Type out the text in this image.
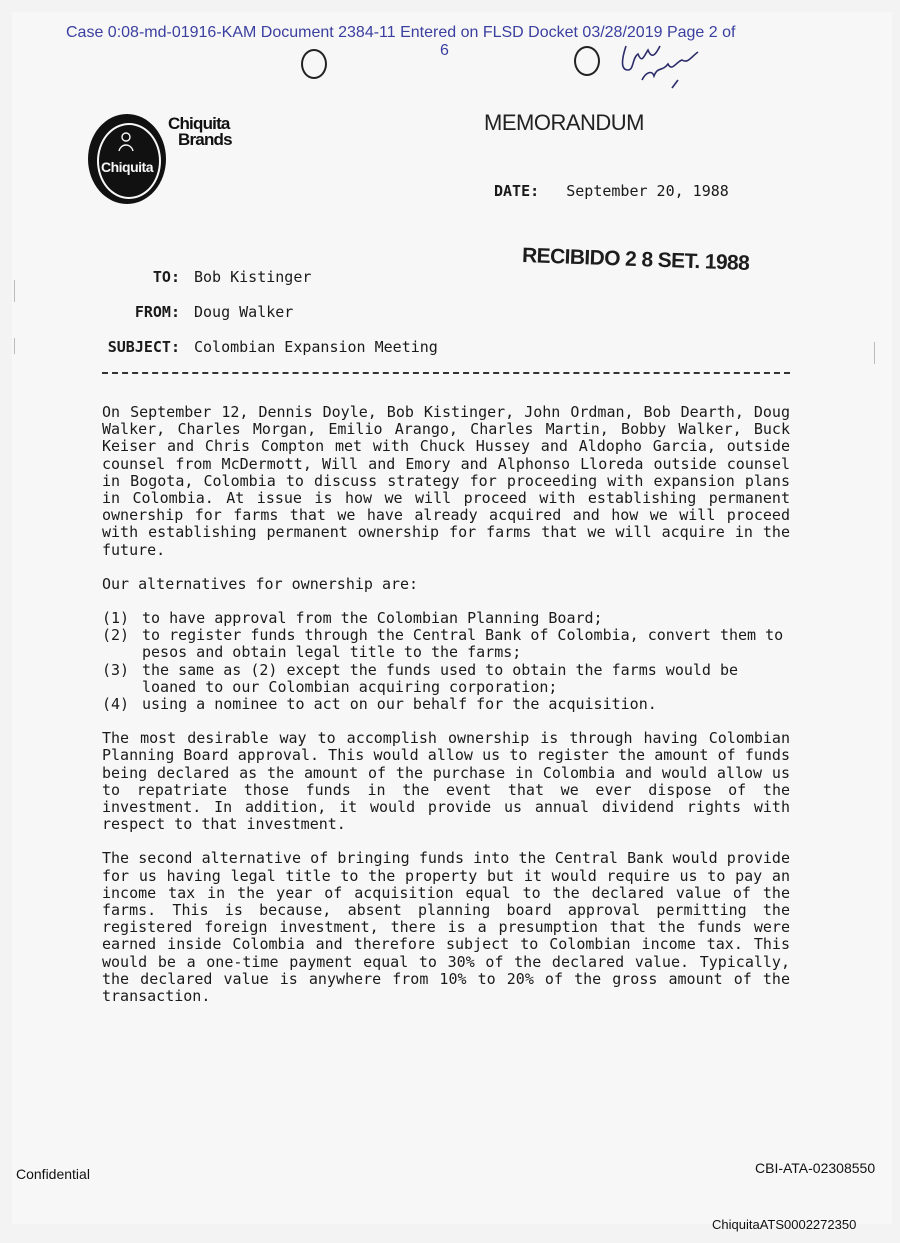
Case 0:08-md-01916-KAM Document 2384-11 Entered on FLSD Docket 03/28/2019 Page 2 of
6
Chiquita
Chiquita
Brands
MEMORANDUM
DATE: September 20, 1988
RECIBIDO 2 8 SET. 1988
TO: Bob Kistinger
FROM: Doug Walker
SUBJECT: Colombian Expansion Meeting

On September 12, Dennis Doyle, Bob Kistinger, John Ordman, Bob Dearth, Doug Walker, Charles Morgan, Emilio Arango, Charles Martin, Bobby Walker, Buck Keiser and Chris Compton met with Chuck Hussey and Aldopho Garcia, outside counsel from McDermott, Will and Emory and Alphonso Lloreda outside counsel in Bogota, Colombia to discuss strategy for proceeding with expansion plans in Colombia. At issue is how we will proceed with establishing permanent ownership for farms that we have already acquired and how we will proceed with establishing permanent ownership for farms that we will acquire in the future.

Our alternatives for ownership are:

(1) to have approval from the Colombian Planning Board;
(2) to register funds through the Central Bank of Colombia, convert them to pesos and obtain legal title to the farms;
(3) the same as (2) except the funds used to obtain the farms would be loaned to our Colombian acquiring corporation;
(4) using a nominee to act on our behalf for the acquisition.

The most desirable way to accomplish ownership is through having Colombian Planning Board approval. This would allow us to register the amount of funds being declared as the amount of the purchase in Colombia and would allow us to repatriate those funds in the event that we ever dispose of the investment. In addition, it would provide us annual dividend rights with respect to that investment.

The second alternative of bringing funds into the Central Bank would provide for us having legal title to the property but it would require us to pay an income tax in the year of acquisition equal to the declared value of the farms. This is because, absent planning board approval permitting the registered foreign investment, there is a presumption that the funds were earned inside Colombia and therefore subject to Colombian income tax. This would be a one-time payment equal to 30% of the declared value. Typically, the declared value is anywhere from 10% to 20% of the gross amount of the transaction.

Confidential	CBI-ATA-02308550
ChiquitaATS0002272350
